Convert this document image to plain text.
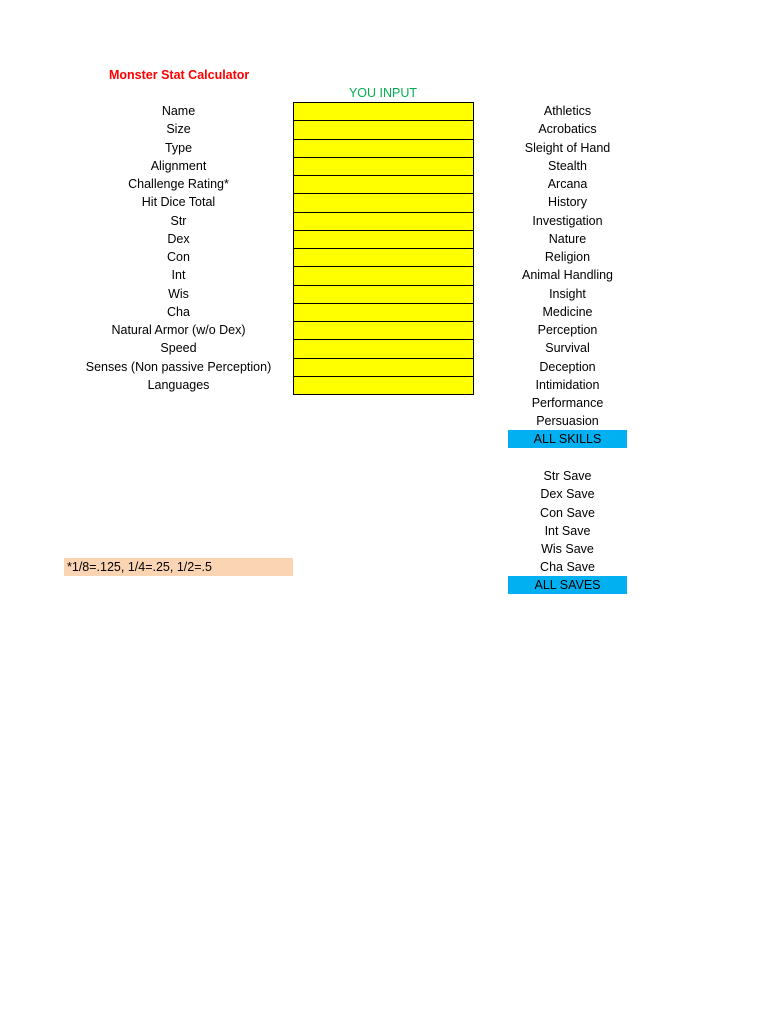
Monster Stat Calculator
YOU INPUT
Name
Size
Type
Alignment
Challenge Rating*
Hit Dice Total
Str
Dex
Con
Int
Wis
Cha
Natural Armor (w/o Dex)
Speed
Senses (Non passive Perception)
Languages
Athletics
Acrobatics
Sleight of Hand
Stealth
Arcana
History
Investigation
Nature
Religion
Animal Handling
Insight
Medicine
Perception
Survival
Deception
Intimidation
Performance
Persuasion
ALL SKILLS
Str Save
Dex Save
Con Save
Int Save
Wis Save
Cha Save
ALL SAVES
*1/8=.125, 1/4=.25, 1/2=.5
